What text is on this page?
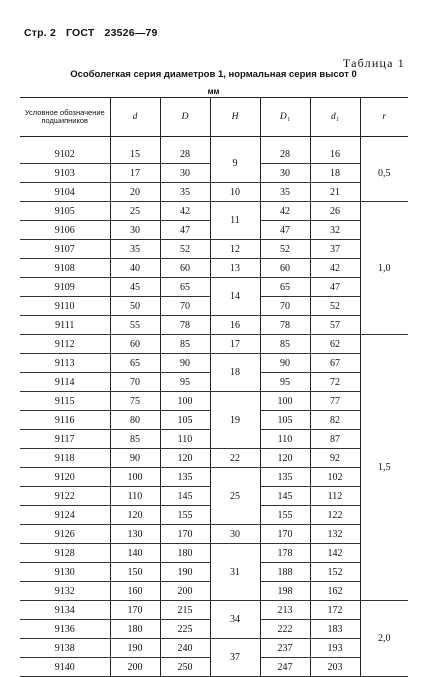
Стр. 2 ГОСТ 23526—79
Таблица 1
Особолегкая серия диаметров 1, нормальная серия высот 0
мм
Условное обозначение подшипников	d	D	H	D₁	d₁	r

9102	15	28	9	28	16	0,5
9103	17	30		30	18	
9104	20	35	10	35	21	
9105	25	42	11	42	26	1,0
9106	30	47		47	32	
9107	35	52	12	52	37	
9108	40	60	13	60	42	
9109	45	65	14	65	47	
9110	50	70		70	52	
9111	55	78	16	78	57	
9112	60	85	17	85	62	1,5
9113	65	90	18	90	67	
9114	70	95		95	72	
9115	75	100	19	100	77	
9116	80	105		105	82	
9117	85	110		110	87	
9118	90	120	22	120	92	
9120	100	135	25	135	102	
9122	110	145		145	112	
9124	120	155		155	122	
9126	130	170	30	170	132	
9128	140	180	31	178	142	
9130	150	190		188	152	
9132	160	200		198	162	
9134	170	215	34	213	172	2,0
9136	180	225		222	183	
9138	190	240	37	237	193	
9140	200	250		247	203	
